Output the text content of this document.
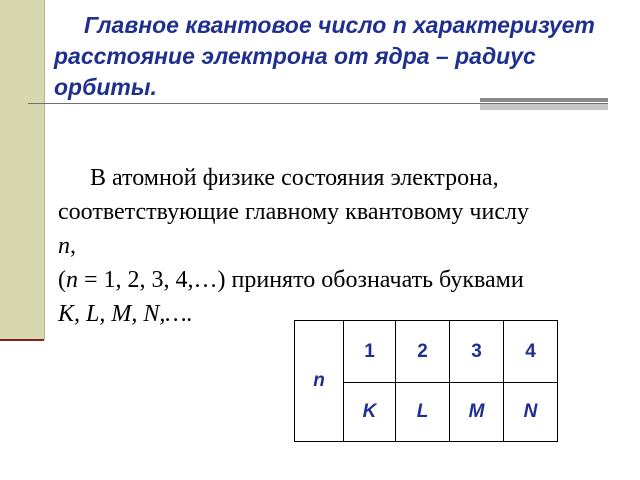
Главное квантовое число n характеризует расстояние электрона от ядра – радиус орбиты.
В атомной физике состояния электрона,
соответствующие главному квантовому числу
n,
(n = 1, 2, 3, 4,…) принято обозначать буквами
K, L, M, N,….
n
1	2	3	4
K	L	M	N
